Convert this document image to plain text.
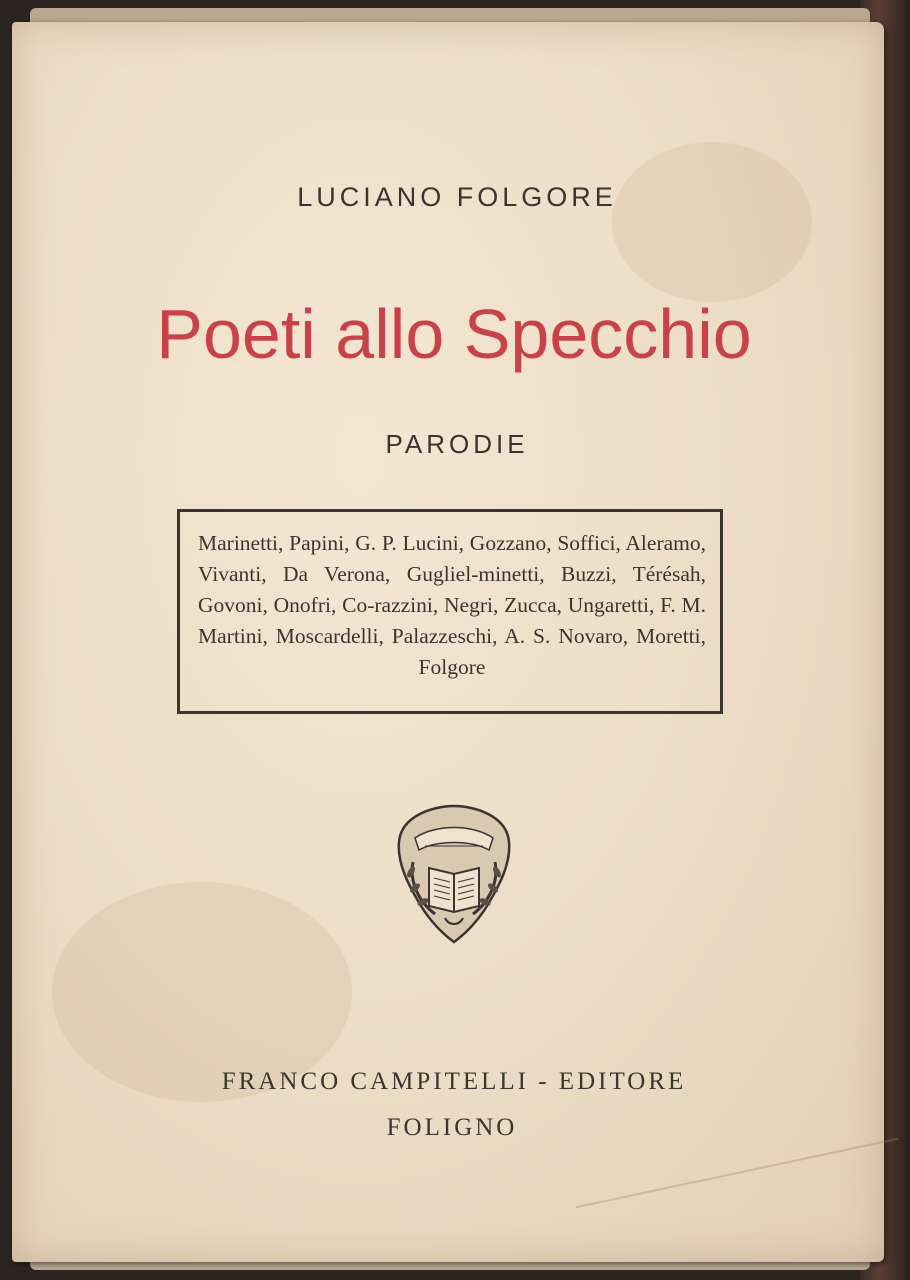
LUCIANO FOLGORE
Poeti allo Specchio
PARODIE

Marinetti, Papini, G. P. Lucini, Gozzano, Soffici, Aleramo, Vivanti, Da Verona, Gugliel-minetti, Buzzi, Térésah, Govoni, Onofri, Co-razzini, Negri, Zucca, Ungaretti, F. M. Martini, Moscardelli, Palazzeschi, A. S. Novaro, Moretti, Folgore

FRANCO CAMPITELLI - EDITORE
FOLIGNO
